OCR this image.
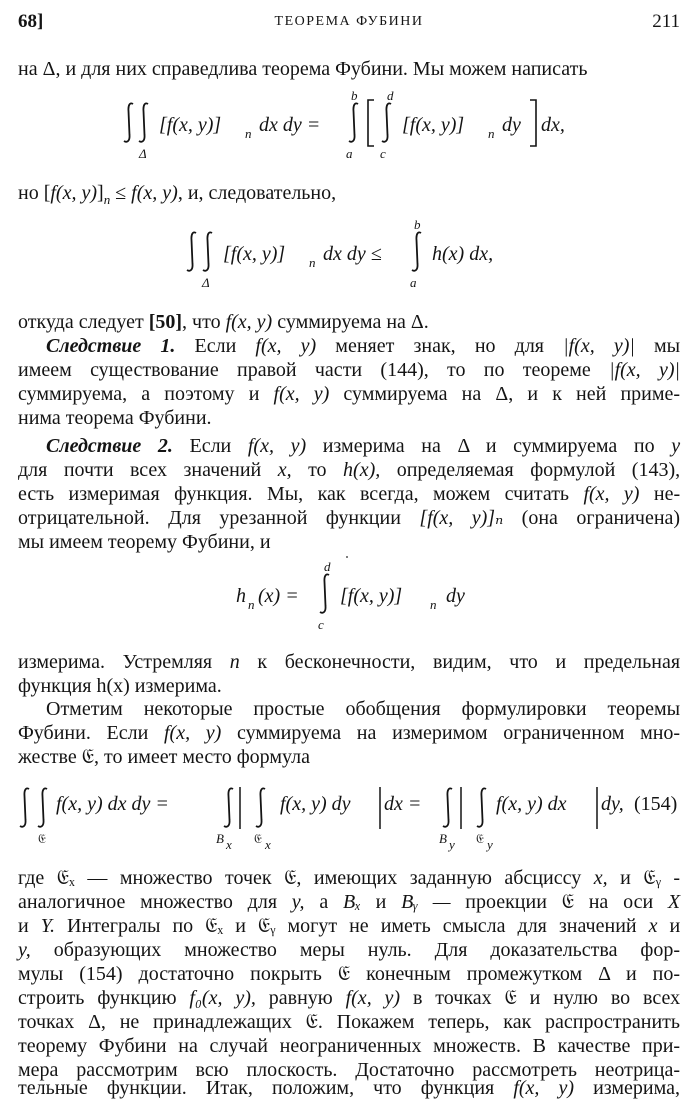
68]	ТЕОРЕМА ФУБИНИ	211
на Δ, и для них справедлива теорема Фубини. Мы можем написать
Δ
[f(x, y)] n dx dy =
b
a
d
c
[f(x, y)] n dy dx,
но [f(x, $y)]_n \le f(x$, y), и, следовательно,
Δ
[f(x, y)] n dx dy ≤
b
a
h(x) dx,
откуда следует [50], что f(x, y) суммируема на Δ.
Следствие 1. Если f(x, y) меняет знак, но для |f(x, y)| мы
имеем существование правой части (144), то по теореме |f(x, y)|
суммируема, а поэтому и f(x, y) суммируема на Δ, и к ней приме-
нима теорема Фубини.
Следствие 2. Если f(x, y) измерима на Δ и суммируема по y
для почти всех значений x, то h(x), определяемая формулой (143),
есть измеримая функция. Мы, как всегда, можем считать f(x, y) не-
отрицательной. Для урезанной функции [f(x, y)]ₙ (она ограничена)
мы имеем теорему Фубини, и
h n (x) =
d
c
[f(x, y)] n dy
измерима. Устремляя n к бесконечности, видим, что и предельная
функция h(x) измерима.
Отметим некоторые простые обобщения формулировки теоремы
Фубини. Если f(x, y) суммируема на измеримом ограниченном мно-
жестве 𝔈, то имеет место формула
𝔈
f(x, y) dx dy =
B x 𝔈 x
f(x, y) dy dx =
B y 𝔈 y
f(x, y) dx dy, (154)
где 𝔈ₓ — множество точек 𝔈, имеющих заданную абсциссу x, и 𝔈ᵧ -
аналогичное множество для y, а Bₓ и Bᵧ — проекции 𝔈 на оси X
и Y. Интегралы по 𝔈ₓ и 𝔈ᵧ могут не иметь смысла для значений x и
y, образующих множество меры нуль. Для доказательства фор-
мулы (154) достаточно покрыть 𝔈 конечным промежутком Δ и по-
строить функцию f₀(x, y), равную f(x, y) в точках 𝔈 и нулю во всех
точках Δ, не принадлежащих 𝔈. Покажем теперь, как распространить
теорему Фубини на случай неограниченных множеств. В качестве при-
мера рассмотрим всю плоскость. Достаточно рассмотреть неотрица-
тельные функции. Итак, положим, что функция f(x, y) измерима,
